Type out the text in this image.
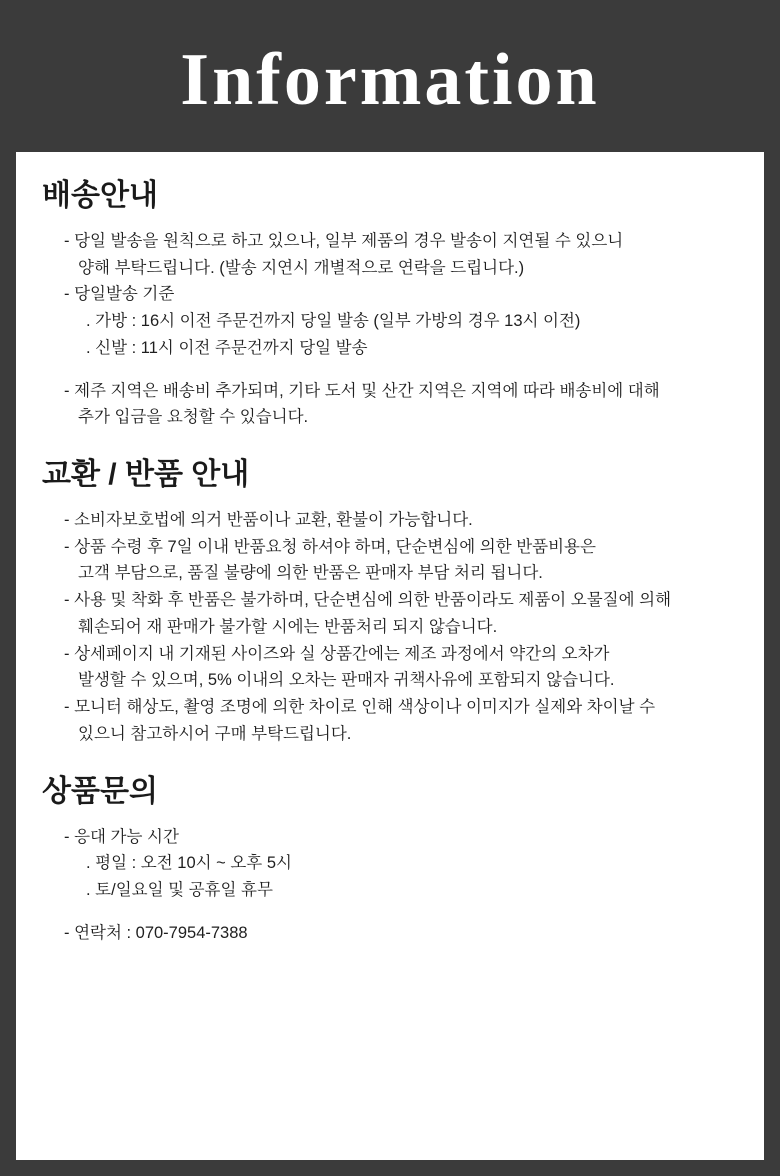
Information
배송안내
- 당일 발송을 원칙으로 하고 있으나, 일부 제품의 경우 발송이 지연될 수 있으니
양해 부탁드립니다. (발송 지연시 개별적으로 연락을 드립니다.)
- 당일발송 기준
. 가방 : 16시 이전 주문건까지 당일 발송 (일부 가방의 경우 13시 이전)
. 신발 : 11시 이전 주문건까지 당일 발송
- 제주 지역은 배송비 추가되며, 기타 도서 및 산간 지역은 지역에 따라 배송비에 대해
추가 입금을 요청할 수 있습니다.
교환 / 반품 안내
- 소비자보호법에 의거 반품이나 교환, 환불이 가능합니다.
- 상품 수령 후 7일 이내 반품요청 하셔야 하며, 단순변심에 의한 반품비용은
고객 부담으로, 품질 불량에 의한 반품은 판매자 부담 처리 됩니다.
- 사용 및 착화 후 반품은 불가하며, 단순변심에 의한 반품이라도 제품이 오물질에 의해
훼손되어 재 판매가 불가할 시에는 반품처리 되지 않습니다.
- 상세페이지 내 기재된 사이즈와 실 상품간에는 제조 과정에서 약간의 오차가
발생할 수 있으며, 5% 이내의 오차는 판매자 귀책사유에 포함되지 않습니다.
- 모니터 해상도, 촬영 조명에 의한 차이로 인해 색상이나 이미지가 실제와 차이날 수
있으니 참고하시어 구매 부탁드립니다.
상품문의
- 응대 가능 시간
. 평일 : 오전 10시 ~ 오후 5시
. 토/일요일 및 공휴일 휴무
- 연락처 : 070-7954-7388
